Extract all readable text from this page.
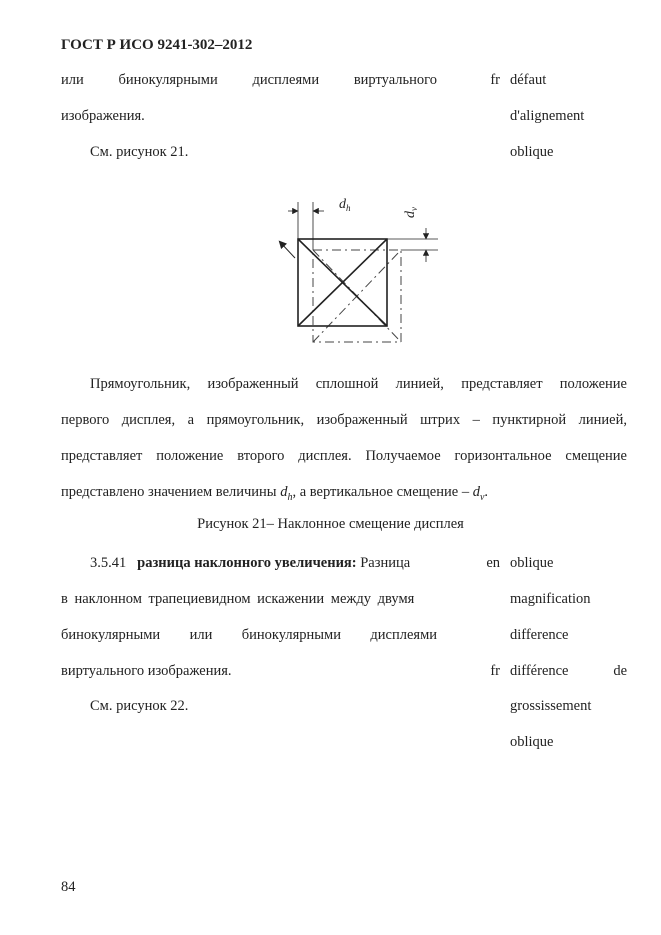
ГОСТ Р ИСО 9241-302–2012
или бинокулярными дисплеями виртуального	fr défaut
изображения.	d'alignement
См. рисунок 21.	oblique
$d_h$
$d_v$
Прямоугольник, изображенный сплошной линией, представляет положение
первого дисплея, а прямоугольник, изображенный штрих – пунктирной линией,
представляет положение второго дисплея. Получаемое горизонтальное смещение
представлено значением величины $d_h$, а вертикальное смещение – $d_v$.
Рисунок 21– Наклонное смещение дисплея
3.5.41 разница наклонного увеличения: Разница	en oblique
в наклонном трапециевидном искажении между двумя	magnification
бинокулярными или бинокулярными дисплеями	difference
виртуального изображения.	fr différence	de
См. рисунок 22.	grossissement
oblique
84
